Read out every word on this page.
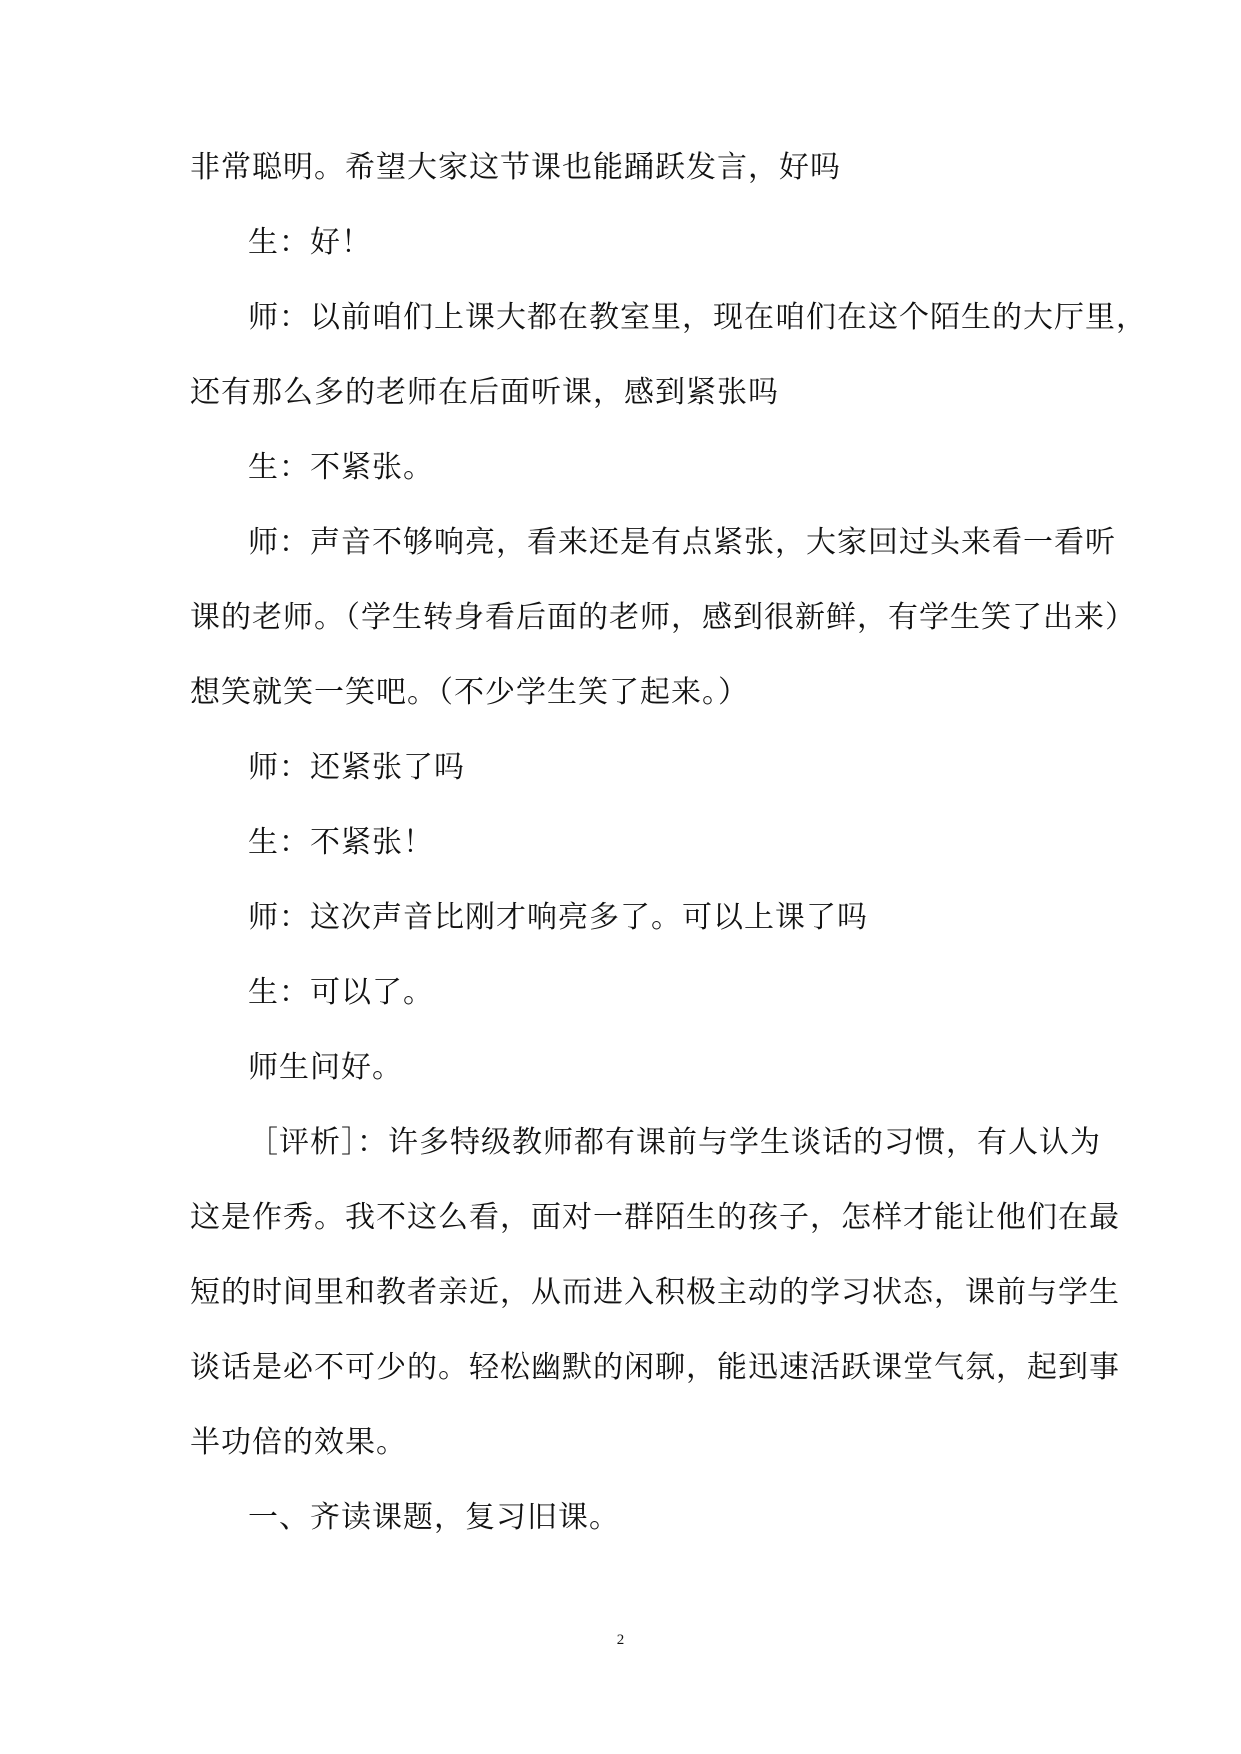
非常聪明。希望大家这节课也能踊跃发言，好吗
生：好！
师：以前咱们上课大都在教室里，现在咱们在这个陌生的大厅里，
还有那么多的老师在后面听课，感到紧张吗
生：不紧张。
师：声音不够响亮，看来还是有点紧张，大家回过头来看一看听
课的老师。（学生转身看后面的老师，感到很新鲜，有学生笑了出来）
想笑就笑一笑吧。（不少学生笑了起来。）
师：还紧张了吗
生：不紧张！
师：这次声音比刚才响亮多了。可以上课了吗
生：可以了。
师生问好。
［评析］：许多特级教师都有课前与学生谈话的习惯，有人认为
这是作秀。我不这么看，面对一群陌生的孩子，怎样才能让他们在最
短的时间里和教者亲近，从而进入积极主动的学习状态，课前与学生
谈话是必不可少的。轻松幽默的闲聊，能迅速活跃课堂气氛，起到事
半功倍的效果。
一、齐读课题，复习旧课。
2
